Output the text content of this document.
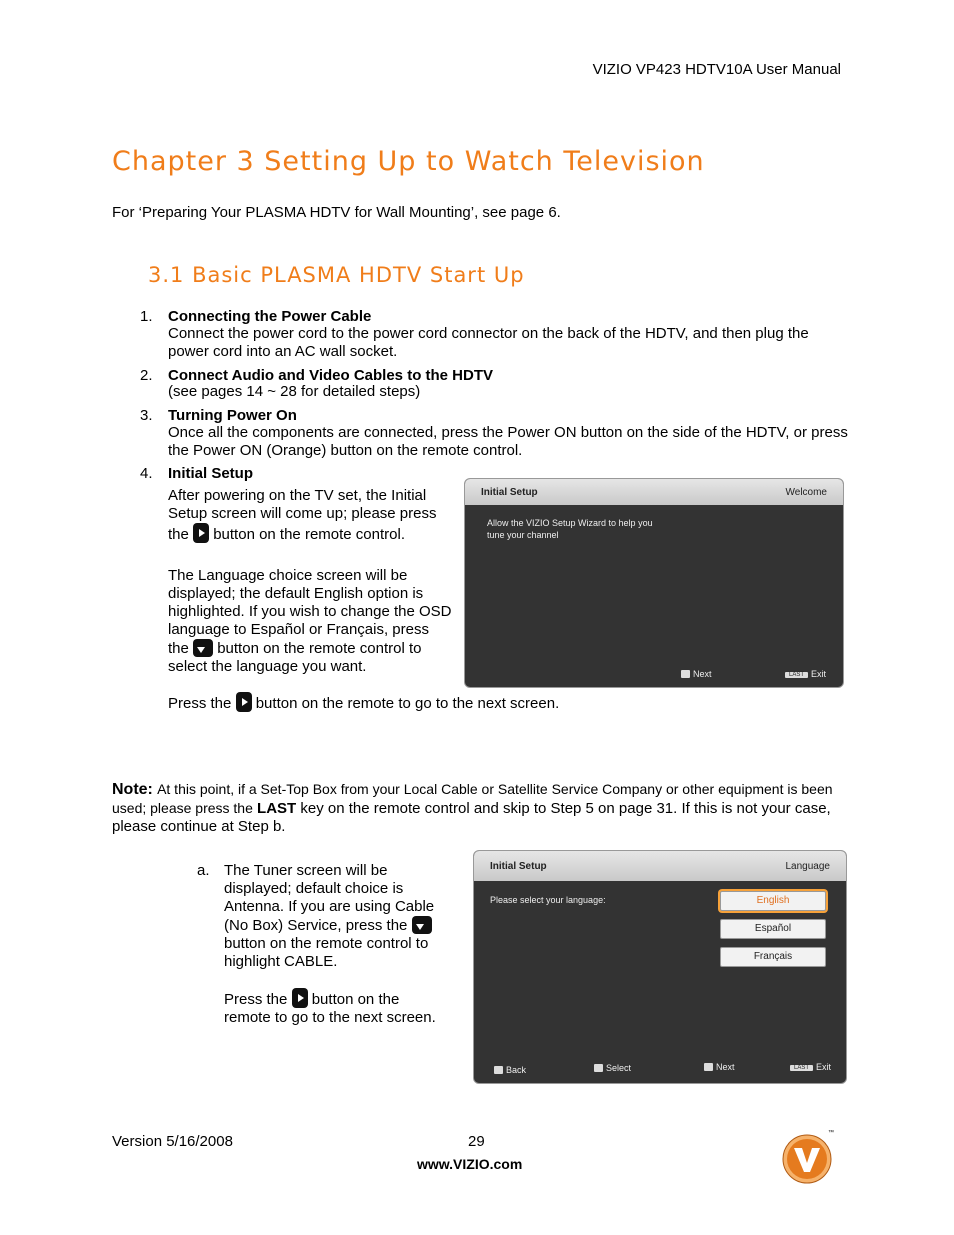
VIZIO VP423 HDTV10A User Manual
Chapter 3 Setting Up to Watch Television
For ‘Preparing Your PLASMA HDTV for Wall Mounting’, see page 6.
3.1 Basic PLASMA HDTV Start Up
1. Connecting the Power Cable
Connect the power cord to the power cord connector on the back of the HDTV, and then plug the power cord into an AC wall socket.
2. Connect Audio and Video Cables to the HDTV
(see pages 14 ~ 28 for detailed steps)
3. Turning Power On
Once all the components are connected, press the Power ON button on the side of the HDTV, or press the Power ON (Orange) button on the remote control.
4. Initial Setup
After powering on the TV set, the Initial Setup screen will come up; please press the button on the remote control.
The Language choice screen will be displayed; the default English option is highlighted. If you wish to change the OSD language to Español or Français, press the button on the remote control to select the language you want.
Initial Setup	Welcome
Allow the VIZIO Setup Wizard to help you tune your channel
Next	LAST Exit
Press the button on the remote to go to the next screen.
Note: At this point, if a Set-Top Box from your Local Cable or Satellite Service Company or other equipment is been used; please press the LAST key on the remote control and skip to Step 5 on page 31. If this is not your case, please continue at Step b.
a. The Tuner screen will be displayed; default choice is Antenna. If you are using Cable (No Box) Service, press the  button on the remote control to highlight CABLE.
Press the button on the remote to go to the next screen.
Initial Setup	Language
Please select your language:	English
Español
Français
Back	Select	Next	LAST Exit
Version 5/16/2008	29
www.VIZIO.com
™
